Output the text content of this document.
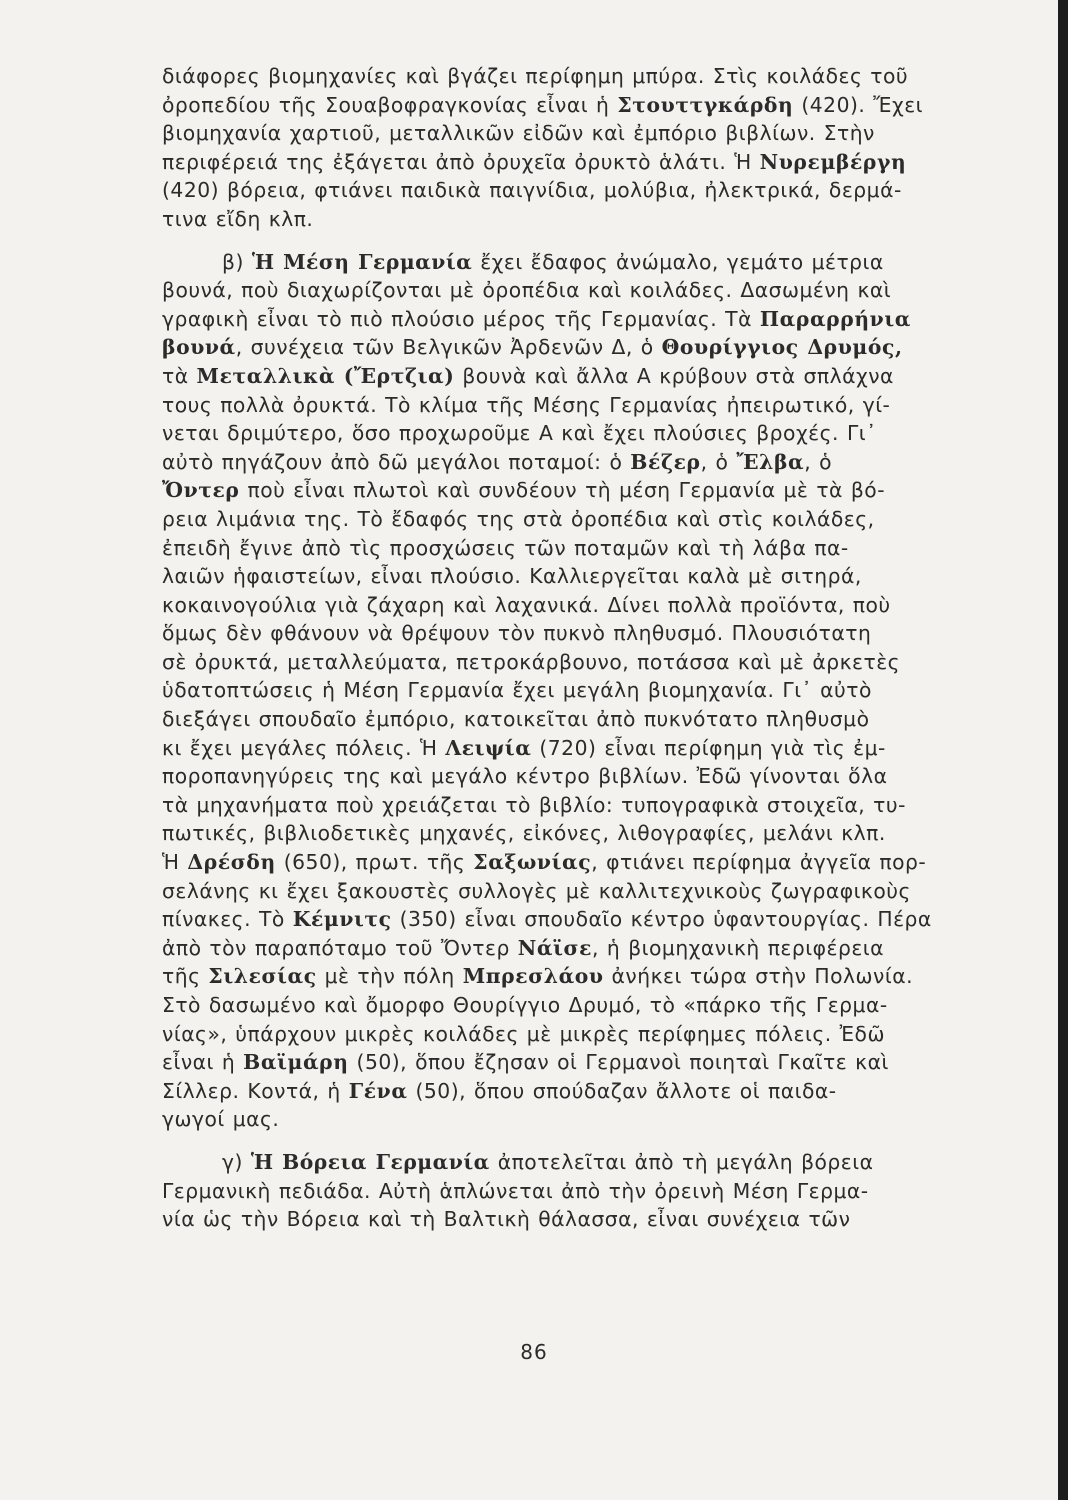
διάφορες βιομηχανίες καὶ βγάζει περίφημη μπύρα. Στὶς κοιλάδες τοῦ
ὀροπεδίου τῆς Σουαβοφραγκονίας εἶναι ἡ Στουττγκάρδη (420). Ἔχει
βιομηχανία χαρτιοῦ, μεταλλικῶν εἰδῶν καὶ ἐμπόριο βιβλίων. Στὴν
περιφέρειά της ἐξάγεται ἀπὸ ὀρυχεῖα ὀρυκτὸ ἁλάτι. Ἡ Νυρεμβέργη
(420) βόρεια, φτιάνει παιδικὰ παιγνίδια, μολύβια, ἠλεκτρικά, δερμά-
τινα εἴδη κλπ.
β) Ἡ Μέση Γερμανία ἔχει ἔδαφος ἀνώμαλο, γεμάτο μέτρια
βουνά, ποὺ διαχωρίζονται μὲ ὀροπέδια καὶ κοιλάδες. Δασωμένη καὶ
γραφικὴ εἶναι τὸ πιὸ πλούσιο μέρος τῆς Γερμανίας. Τὰ Παραρρήνια
βουνά, συνέχεια τῶν Βελγικῶν Ἀρδενῶν Δ, ὁ Θουρίγγιος Δρυμός,
τὰ Μεταλλικὰ (Ἔρτζια) βουνὰ καὶ ἄλλα Α κρύβουν στὰ σπλάχνα
τους πολλὰ ὀρυκτά. Τὸ κλίμα τῆς Μέσης Γερμανίας ἠπειρωτικό, γί-
νεται δριμύτερο, ὅσο προχωροῦμε Α καὶ ἔχει πλούσιες βροχές. Γι᾽
αὐτὸ πηγάζουν ἀπὸ δῶ μεγάλοι ποταμοί: ὁ Βέζερ, ὁ Ἔλβα, ὁ
Ὄντερ ποὺ εἶναι πλωτοὶ καὶ συνδέουν τὴ μέση Γερμανία μὲ τὰ βό-
ρεια λιμάνια της. Τὸ ἔδαφός της στὰ ὀροπέδια καὶ στὶς κοιλάδες,
ἐπειδὴ ἔγινε ἀπὸ τὶς προσχώσεις τῶν ποταμῶν καὶ τὴ λάβα πα-
λαιῶν ἡφαιστείων, εἶναι πλούσιο. Καλλιεργεῖται καλὰ μὲ σιτηρά,
κοκαινογούλια γιὰ ζάχαρη καὶ λαχανικά. Δίνει πολλὰ προϊόντα, ποὺ
ὅμως δὲν φθάνουν νὰ θρέψουν τὸν πυκνὸ πληθυσμό. Πλουσιότατη
σὲ ὀρυκτά, μεταλλεύματα, πετροκάρβουνο, ποτάσσα καὶ μὲ ἀρκετὲς
ὑδατοπτώσεις ἡ Μέση Γερμανία ἔχει μεγάλη βιομηχανία. Γι᾽ αὐτὸ
διεξάγει σπουδαῖο ἐμπόριο, κατοικεῖται ἀπὸ πυκνότατο πληθυσμὸ
κι ἔχει μεγάλες πόλεις. Ἡ Λειψία (720) εἶναι περίφημη γιὰ τὶς ἐμ-
ποροπανηγύρεις της καὶ μεγάλο κέντρο βιβλίων. Ἐδῶ γίνονται ὅλα
τὰ μηχανήματα ποὺ χρειάζεται τὸ βιβλίο: τυπογραφικὰ στοιχεῖα, τυ-
πωτικές, βιβλιοδετικὲς μηχανές, εἰκόνες, λιθογραφίες, μελάνι κλπ.
Ἡ Δρέσδη (650), πρωτ. τῆς Σαξωνίας, φτιάνει περίφημα ἀγγεῖα πορ-
σελάνης κι ἔχει ξακουστὲς συλλογὲς μὲ καλλιτεχνικοὺς ζωγραφικοὺς
πίνακες. Τὸ Κέμνιτς (350) εἶναι σπουδαῖο κέντρο ὑφαντουργίας. Πέρα
ἀπὸ τὸν παραπόταμο τοῦ Ὄντερ Νάϊσε, ἡ βιομηχανικὴ περιφέρεια
τῆς Σιλεσίας μὲ τὴν πόλη Μπρεσλάου ἀνήκει τώρα στὴν Πολωνία.
Στὸ δασωμένο καὶ ὄμορφο Θουρίγγιο Δρυμό, τὸ «πάρκο τῆς Γερμα-
νίας», ὑπάρχουν μικρὲς κοιλάδες μὲ μικρὲς περίφημες πόλεις. Ἐδῶ
εἶναι ἡ Βαϊμάρη (50), ὅπου ἔζησαν οἱ Γερμανοὶ ποιηταὶ Γκαῖτε καὶ
Σίλλερ. Κοντά, ἡ Γένα (50), ὅπου σπούδαζαν ἄλλοτε οἱ παιδα-
γωγοί μας.
γ) Ἡ Βόρεια Γερμανία ἀποτελεῖται ἀπὸ τὴ μεγάλη βόρεια
Γερμανικὴ πεδιάδα. Αὐτὴ ἁπλώνεται ἀπὸ τὴν ὀρεινὴ Μέση Γερμα-
νία ὡς τὴν Βόρεια καὶ τὴ Βαλτικὴ θάλασσα, εἶναι συνέχεια τῶν
86
